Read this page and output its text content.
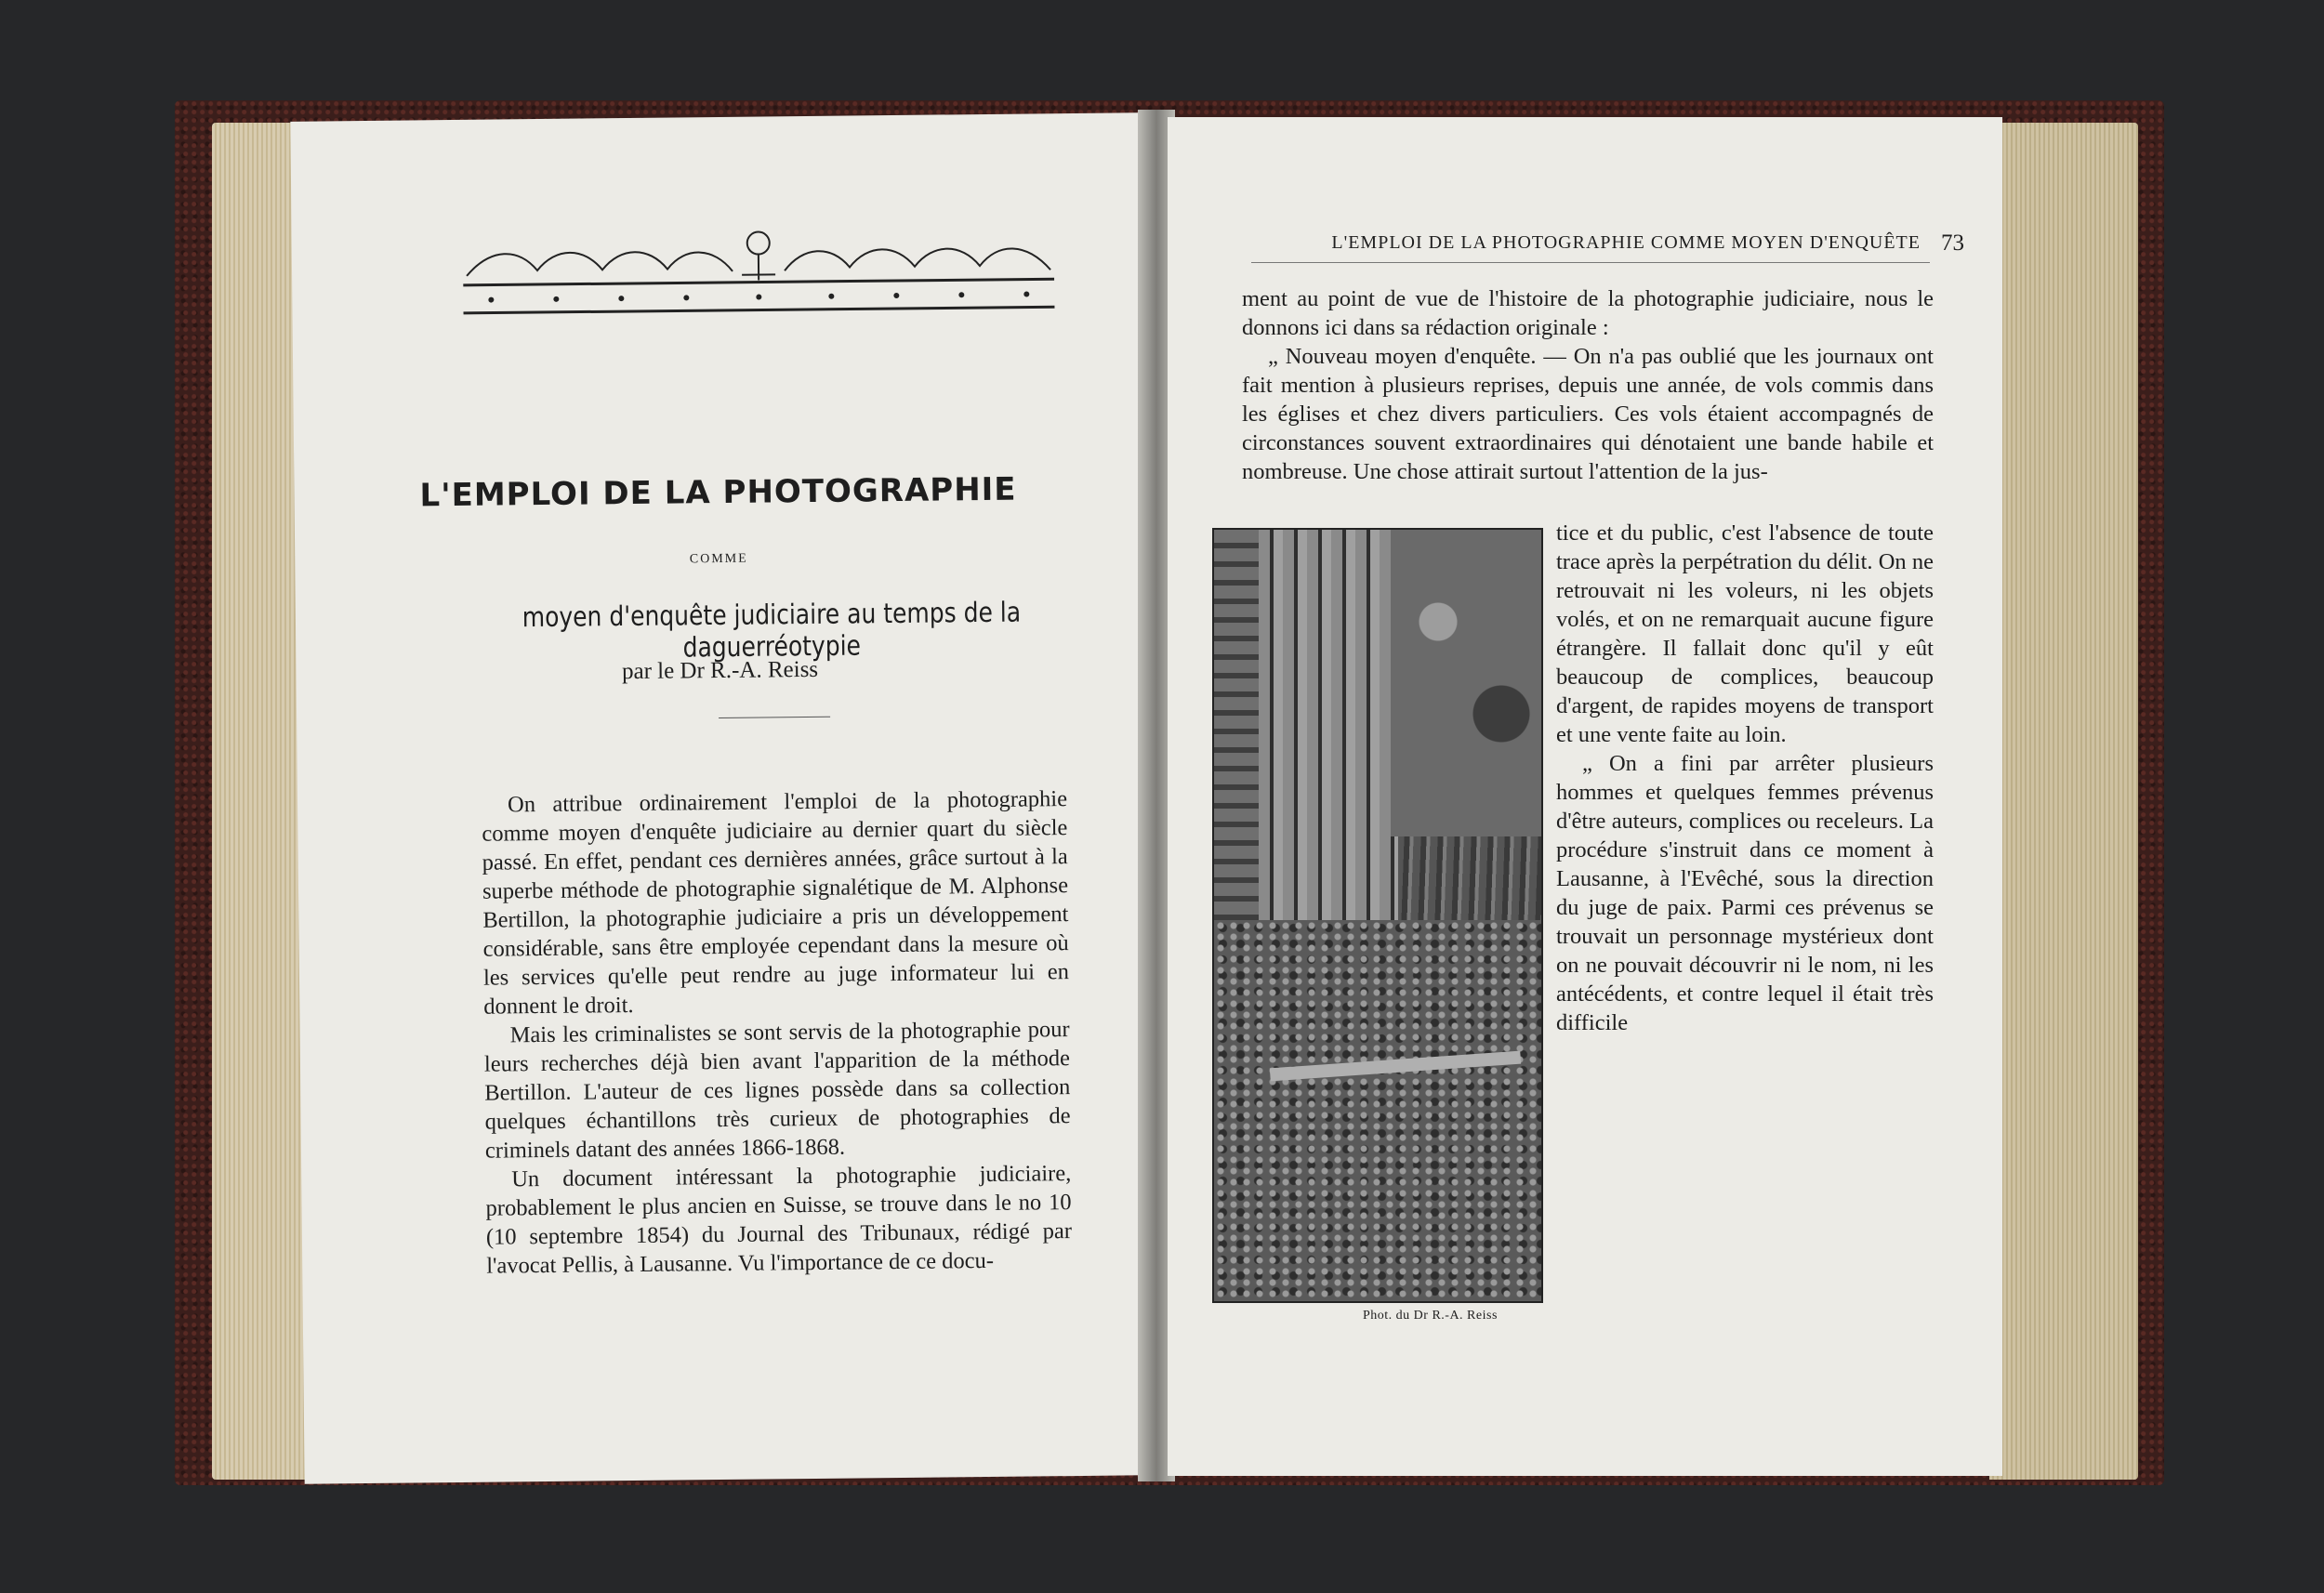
L'EMPLOI DE LA PHOTOGRAPHIE
COMME
moyen d'enquête judiciaire au temps de la daguerréotypie
par le Dr R.-A. Reiss

On attribue ordinairement l'emploi de la photographie comme moyen d'enquête judiciaire au dernier quart du siècle passé. En effet, pendant ces dernières années, grâce surtout à la superbe méthode de photographie signalétique de M. Alphonse Bertillon, la photographie judiciaire a pris un développement considérable, sans être employée cependant dans la mesure où les services qu'elle peut rendre au juge informateur lui en donnent le droit.

Mais les criminalistes se sont servis de la photographie pour leurs recherches déjà bien avant l'apparition de la méthode Bertillon. L'auteur de ces lignes possède dans sa collection quelques échantillons très curieux de photographies de criminels datant des années 1866-1868.

Un document intéressant la photographie judiciaire, probablement le plus ancien en Suisse, se trouve dans le no 10 (10 septembre 1854) du Journal des Tribunaux, rédigé par l'avocat Pellis, à Lausanne. Vu l'importance de ce docu-

L'EMPLOI DE LA PHOTOGRAPHIE COMME MOYEN D'ENQUÊTE 73

ment au point de vue de l'histoire de la photographie judiciaire, nous le donnons ici dans sa rédaction originale :

„ Nouveau moyen d'enquête. — On n'a pas oublié que les journaux ont fait mention à plusieurs reprises, depuis une année, de vols commis dans les églises et chez divers particuliers. Ces vols étaient accompagnés de circonstances souvent extraordinaires qui dénotaient une bande habile et nombreuse. Une chose attirait surtout l'attention de la jus-

Phot. du Dr R.-A. Reiss

tice et du public, c'est l'absence de toute trace après la perpétration du délit. On ne retrouvait ni les voleurs, ni les objets volés, et on ne remarquait aucune figure étrangère. Il fallait donc qu'il y eût beaucoup de complices, beaucoup d'argent, de rapides moyens de transport et une vente faite au loin.

„ On a fini par arrêter plusieurs hommes et quelques femmes prévenus d'être auteurs, complices ou receleurs. La procédure s'instruit dans ce moment à Lausanne, à l'Evêché, sous la direction du juge de paix. Parmi ces prévenus se trouvait un personnage mystérieux dont on ne pouvait découvrir ni le nom, ni les antécédents, et contre lequel il était très difficile
